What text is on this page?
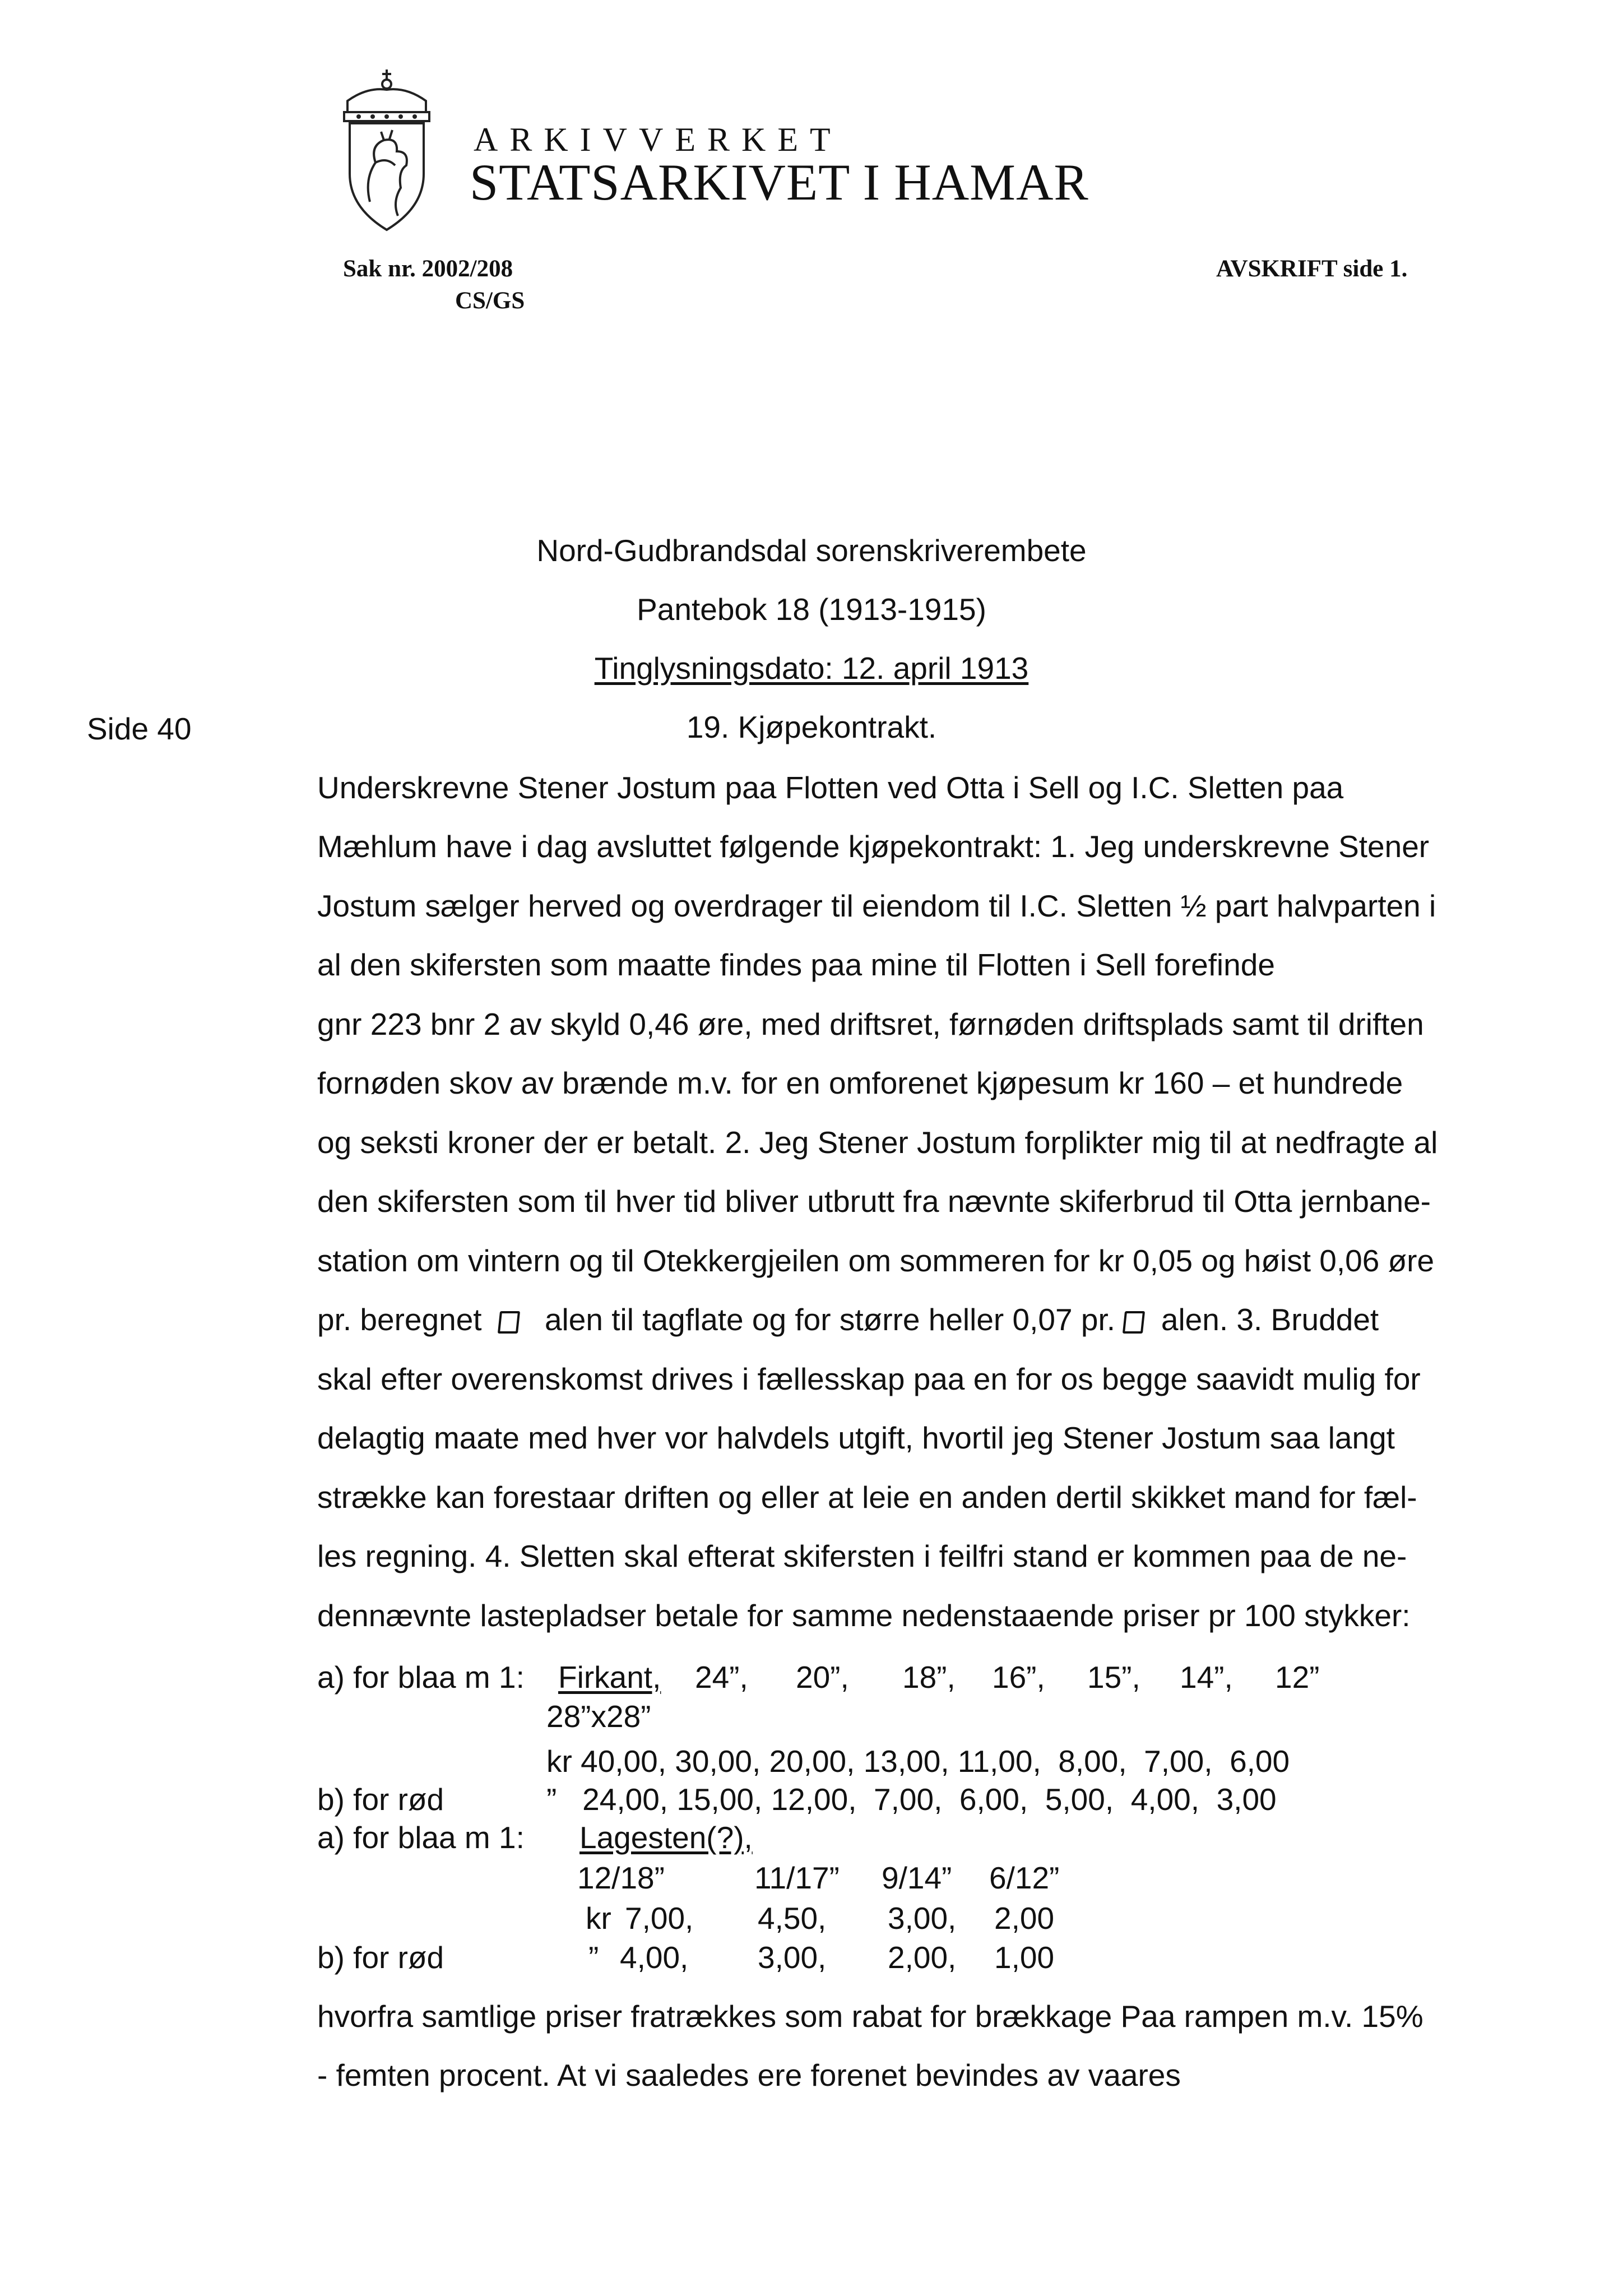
ARKIVVERKET
STATSARKIVET I HAMAR
Sak nr. 2002/208
CS/GS
AVSKRIFT side 1.
Nord-Gudbrandsdal sorenskriverembete
Pantebok 18 (1913-1915)
Tinglysningsdato: 12. april 1913
19. Kjøpekontrakt.
Side 40
Underskrevne Stener Jostum paa Flotten ved Otta i Sell og I.C. Sletten paa
Mæhlum have i dag avsluttet følgende kjøpekontrakt: 1. Jeg underskrevne Stener
Jostum sælger herved og overdrager til eiendom til I.C. Sletten ½ part halvparten i
al den skifersten som maatte findes paa mine til Flotten i Sell forefinde
gnr 223 bnr 2 av skyld 0,46 øre, med driftsret, førnøden driftsplads samt til driften
fornøden skov av brænde m.v. for en omforenet kjøpesum kr 160 – et hundrede
og seksti kroner der er betalt. 2. Jeg Stener Jostum forplikter mig til at nedfragte al
den skifersten som til hver tid bliver utbrutt fra nævnte skiferbrud til Otta jernbane-
station om vintern og til Otekkergjeilen om sommeren for kr 0,05 og høist 0,06 øre
pr. beregnet alen til tagflate og for større heller 0,07 pr. alen. 3. Bruddet
skal efter overenskomst drives i fællesskap paa en for os begge saavidt mulig for
delagtig maate med hver vor halvdels utgift, hvortil jeg Stener Jostum saa langt
strække kan forestaar driften og eller at leie en anden dertil skikket mand for fæl-
les regning. 4. Sletten skal efterat skifersten i feilfri stand er kommen paa de ne-
dennævnte lastepladser betale for samme nedenstaaende priser pr 100 stykker:
a) for blaa m 1: Firkant, 24”, 20”, 18”, 16”, 15”, 14”, 12”
28”x28”
kr 40,00, 30,00, 20,00, 13,00, 11,00,  8,00,  7,00,  6,00
b) for rød	” 24,00, 15,00, 12,00,  7,00,  6,00,  5,00,  4,00,  3,00
a) for blaa m 1: Lagesten(?),
12/18”	11/17” 9/14” 6/12”
kr 7,00, 4,50, 3,00, 2,00
b) for rød	” 4,00, 3,00, 2,00, 1,00
hvorfra samtlige priser fratrækkes som rabat for brækkage Paa rampen m.v. 15%
- femten procent. At vi saaledes ere forenet bevindes av vaares
